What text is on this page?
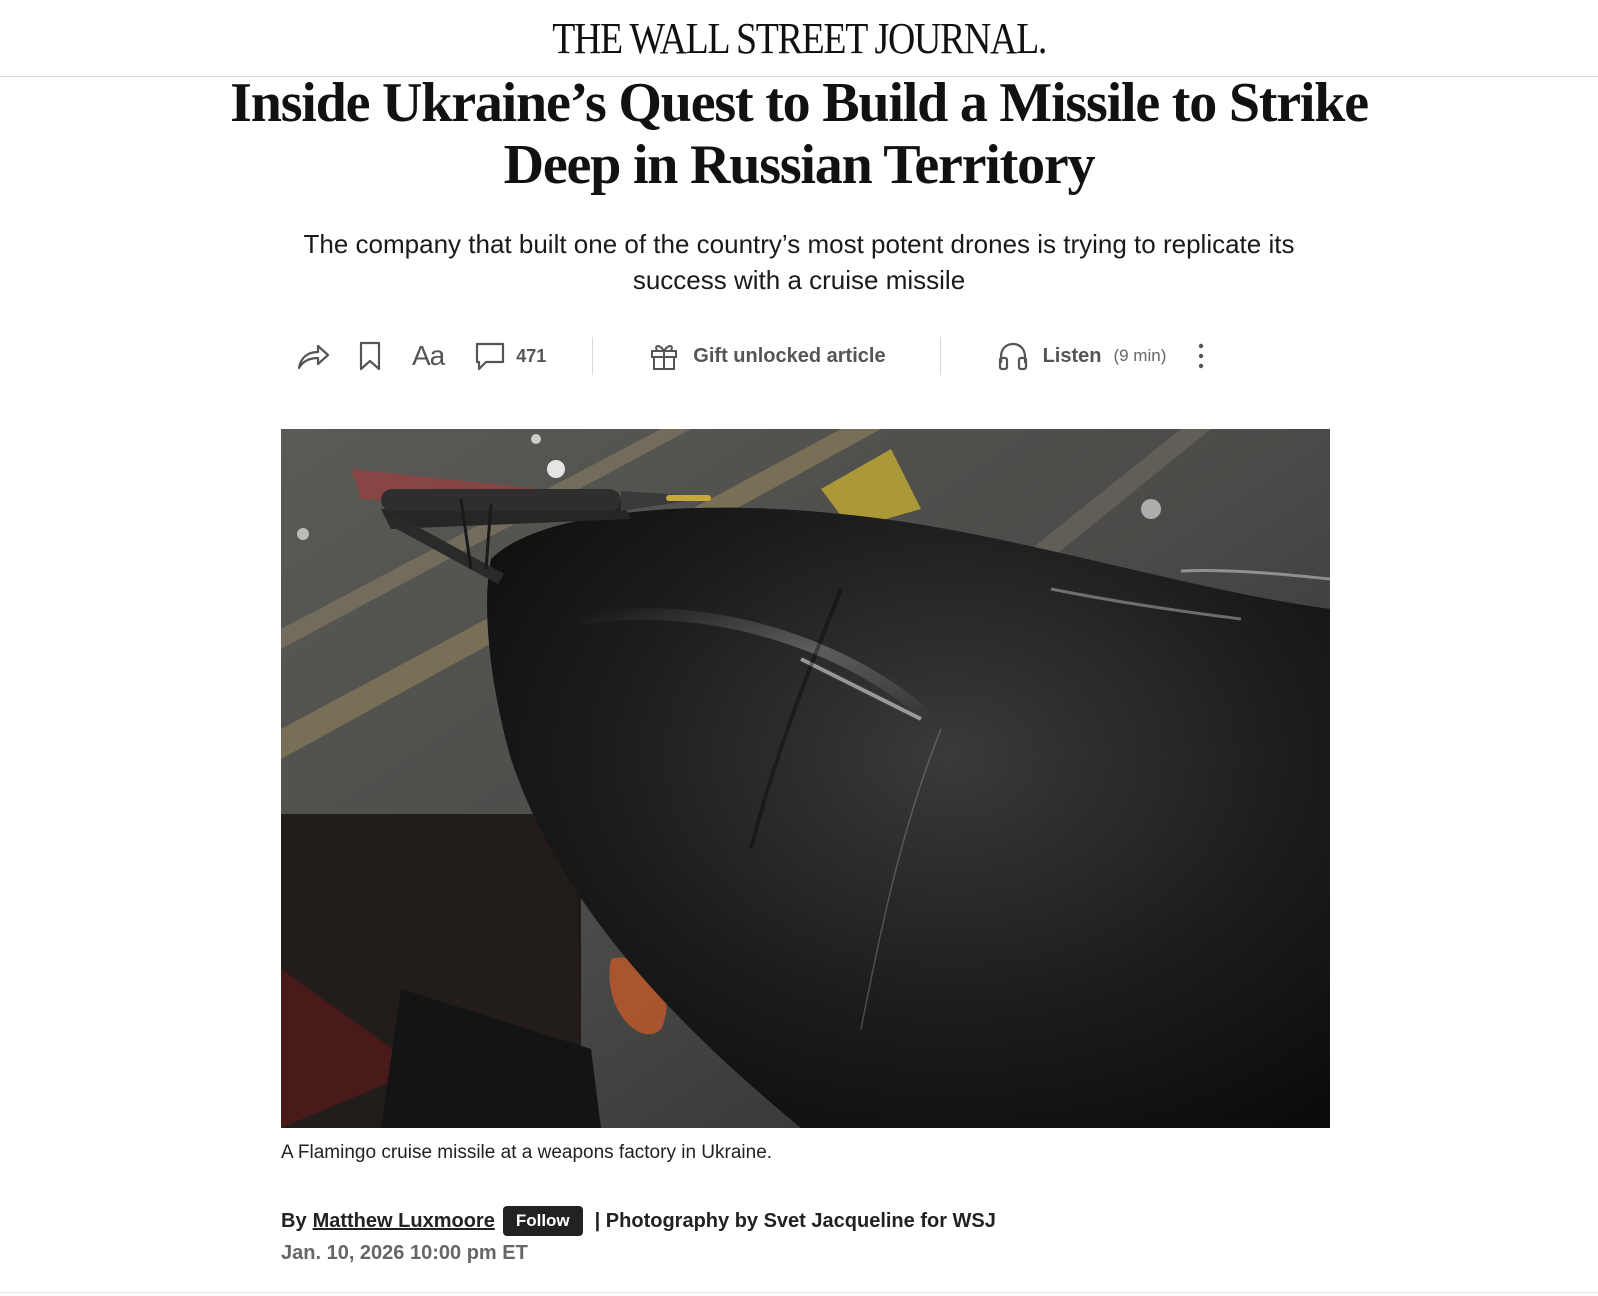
THE WALL STREET JOURNAL.
Inside Ukraine’s Quest to Build a Missile to Strike Deep in Russian Territory

The company that built one of the country’s most potent drones is trying to replicate its success with a cruise missile

Aa	471	Gift unlocked article	Listen (9 min)

A Flamingo cruise missile at a weapons factory in Ukraine.

By Matthew Luxmoore	Follow	| Photography by Svet Jacqueline for WSJ

Jan. 10, 2026 10:00 pm ET
